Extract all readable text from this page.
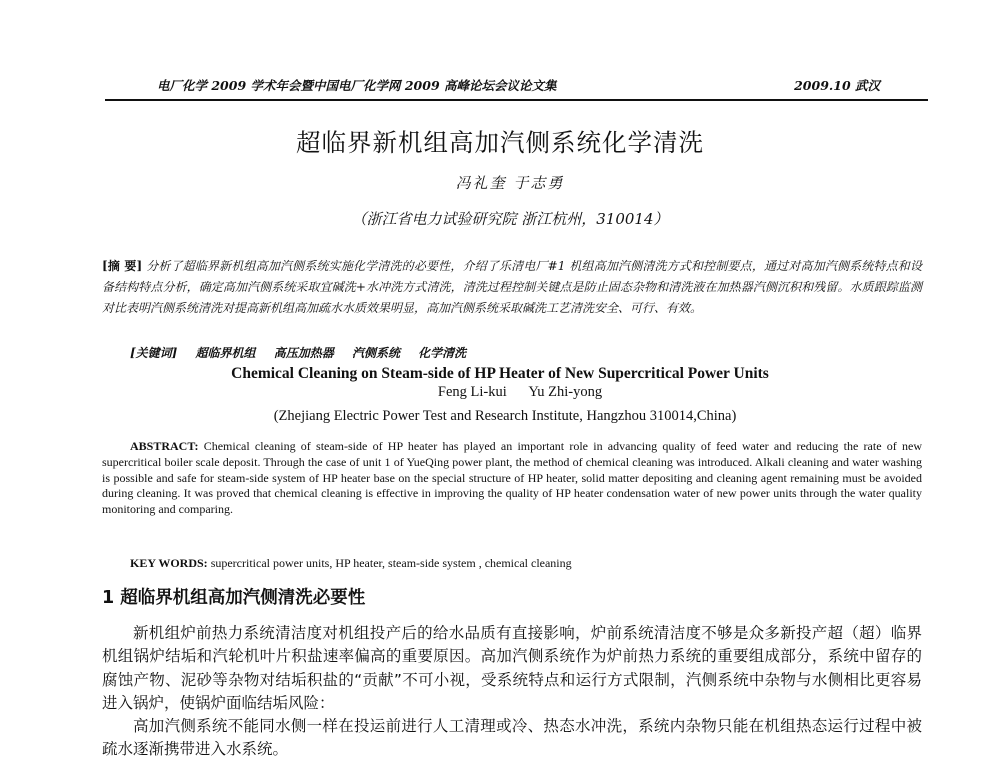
电厂化学 2009 学术年会暨中国电厂化学网 2009 高峰论坛会议论文集	2009.10 武汉
超临界新机组高加汽侧系统化学清洗
冯礼奎 于志勇
（浙江省电力试验研究院 浙江杭州，310014）
[摘 要] 分析了超临界新机组高加汽侧系统实施化学清洗的必要性，介绍了乐清电厂#1 机组高加汽侧清洗方式和控制要点，通过对高加汽侧系统特点和设备结构特点分析，确定高加汽侧系统采取宜碱洗+水冲洗方式清洗，清洗过程控制关键点是防止固态杂物和清洗液在加热器汽侧沉积和残留。水质跟踪监测对比表明汽侧系统清洗对提高新机组高加疏水水质效果明显，高加汽侧系统采取碱洗工艺清洗安全、可行、有效。
[关键词] 超临界机组 高压加热器 汽侧系统 化学清洗
Chemical Cleaning on Steam-side of HP Heater of New Supercritical Power Units
Feng Li-kui Yu Zhi-yong
(Zhejiang Electric Power Test and Research Institute, Hangzhou 310014,China)
ABSTRACT: Chemical cleaning of steam-side of HP heater has played an important role in advancing quality of feed water and reducing the rate of new supercritical boiler scale deposit. Through the case of unit 1 of YueQing power plant, the method of chemical cleaning was introduced. Alkali cleaning and water washing is possible and safe for steam-side system of HP heater base on the special structure of HP heater, solid matter depositing and cleaning agent remaining must be avoided during cleaning. It was proved that chemical cleaning is effective in improving the quality of HP heater condensation water of new power units through the water quality monitoring and comparing.
KEY WORDS: supercritical power units, HP heater, steam-side system , chemical cleaning
1 超临界机组高加汽侧清洗必要性

新机组炉前热力系统清洁度对机组投产后的给水品质有直接影响，炉前系统清洁度不够是众多新投产超（超）临界机组锅炉结垢和汽轮机叶片积盐速率偏高的重要原因。高加汽侧系统作为炉前热力系统的重要组成部分，系统中留存的腐蚀产物、泥砂等杂物对结垢积盐的“贡献”不可小视，受系统特点和运行方式限制，汽侧系统中杂物与水侧相比更容易进入锅炉，使锅炉面临结垢风险：

高加汽侧系统不能同水侧一样在投运前进行人工清理或冷、热态水冲洗，系统内杂物只能在机组热态运行过程中被疏水逐渐携带进入水系统。
